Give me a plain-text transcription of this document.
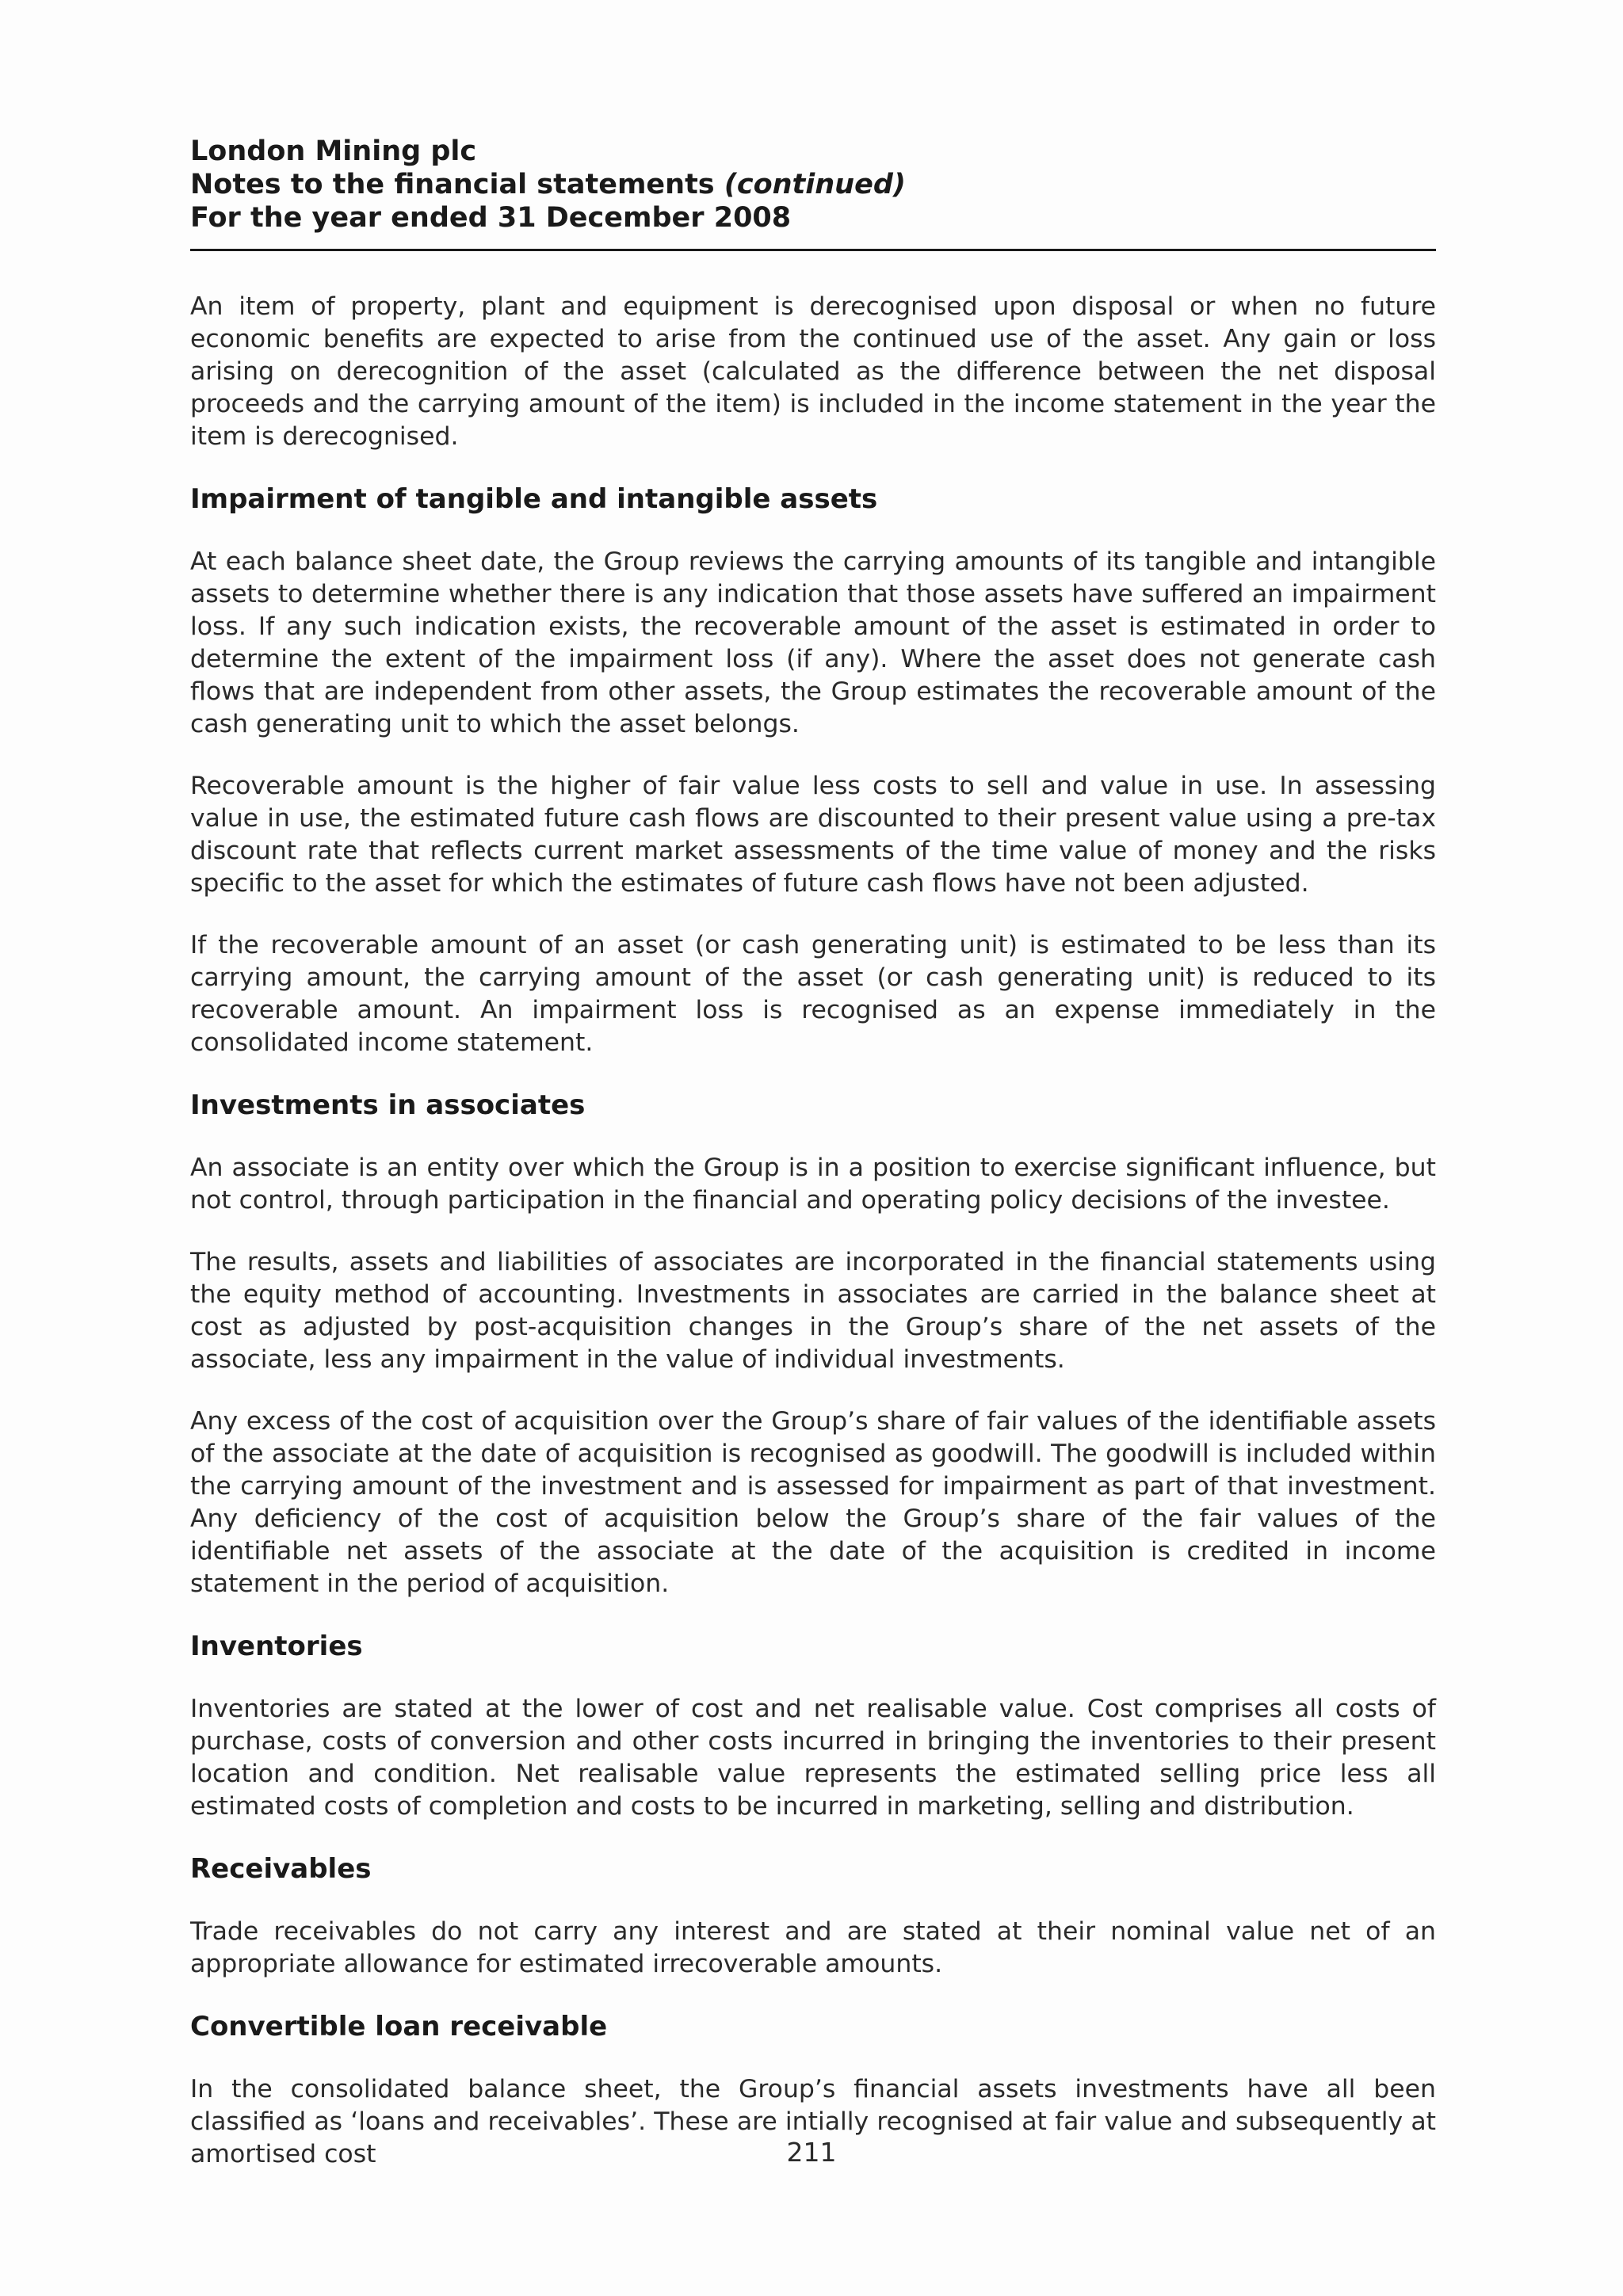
London Mining plc
Notes to the financial statements (continued)
For the year ended 31 December 2008

An item of property, plant and equipment is derecognised upon disposal or when no future economic benefits are expected to arise from the continued use of the asset. Any gain or loss arising on derecognition of the asset (calculated as the difference between the net disposal proceeds and the carrying amount of the item) is included in the income statement in the year the item is derecognised.

Impairment of tangible and intangible assets

At each balance sheet date, the Group reviews the carrying amounts of its tangible and intangible assets to determine whether there is any indication that those assets have suffered an impairment loss. If any such indication exists, the recoverable amount of the asset is estimated in order to determine the extent of the impairment loss (if any). Where the asset does not generate cash flows that are independent from other assets, the Group estimates the recoverable amount of the cash generating unit to which the asset belongs.

Recoverable amount is the higher of fair value less costs to sell and value in use. In assessing value in use, the estimated future cash flows are discounted to their present value using a pre-tax discount rate that reflects current market assessments of the time value of money and the risks specific to the asset for which the estimates of future cash flows have not been adjusted.

If the recoverable amount of an asset (or cash generating unit) is estimated to be less than its carrying amount, the carrying amount of the asset (or cash generating unit) is reduced to its recoverable amount. An impairment loss is recognised as an expense immediately in the consolidated income statement.

Investments in associates

An associate is an entity over which the Group is in a position to exercise significant influence, but not control, through participation in the financial and operating policy decisions of the investee.

The results, assets and liabilities of associates are incorporated in the financial statements using the equity method of accounting. Investments in associates are carried in the balance sheet at cost as adjusted by post-acquisition changes in the Group’s share of the net assets of the associate, less any impairment in the value of individual investments.

Any excess of the cost of acquisition over the Group’s share of fair values of the identifiable assets of the associate at the date of acquisition is recognised as goodwill. The goodwill is included within the carrying amount of the investment and is assessed for impairment as part of that investment. Any deficiency of the cost of acquisition below the Group’s share of the fair values of the identifiable net assets of the associate at the date of the acquisition is credited in income statement in the period of acquisition.

Inventories

Inventories are stated at the lower of cost and net realisable value. Cost comprises all costs of purchase, costs of conversion and other costs incurred in bringing the inventories to their present location and condition. Net realisable value represents the estimated selling price less all estimated costs of completion and costs to be incurred in marketing, selling and distribution.

Receivables

Trade receivables do not carry any interest and are stated at their nominal value net of an appropriate allowance for estimated irrecoverable amounts.

Convertible loan receivable

In the consolidated balance sheet, the Group’s financial assets investments have all been classified as ‘loans and receivables’. These are intially recognised at fair value and subsequently at amortised cost	211
